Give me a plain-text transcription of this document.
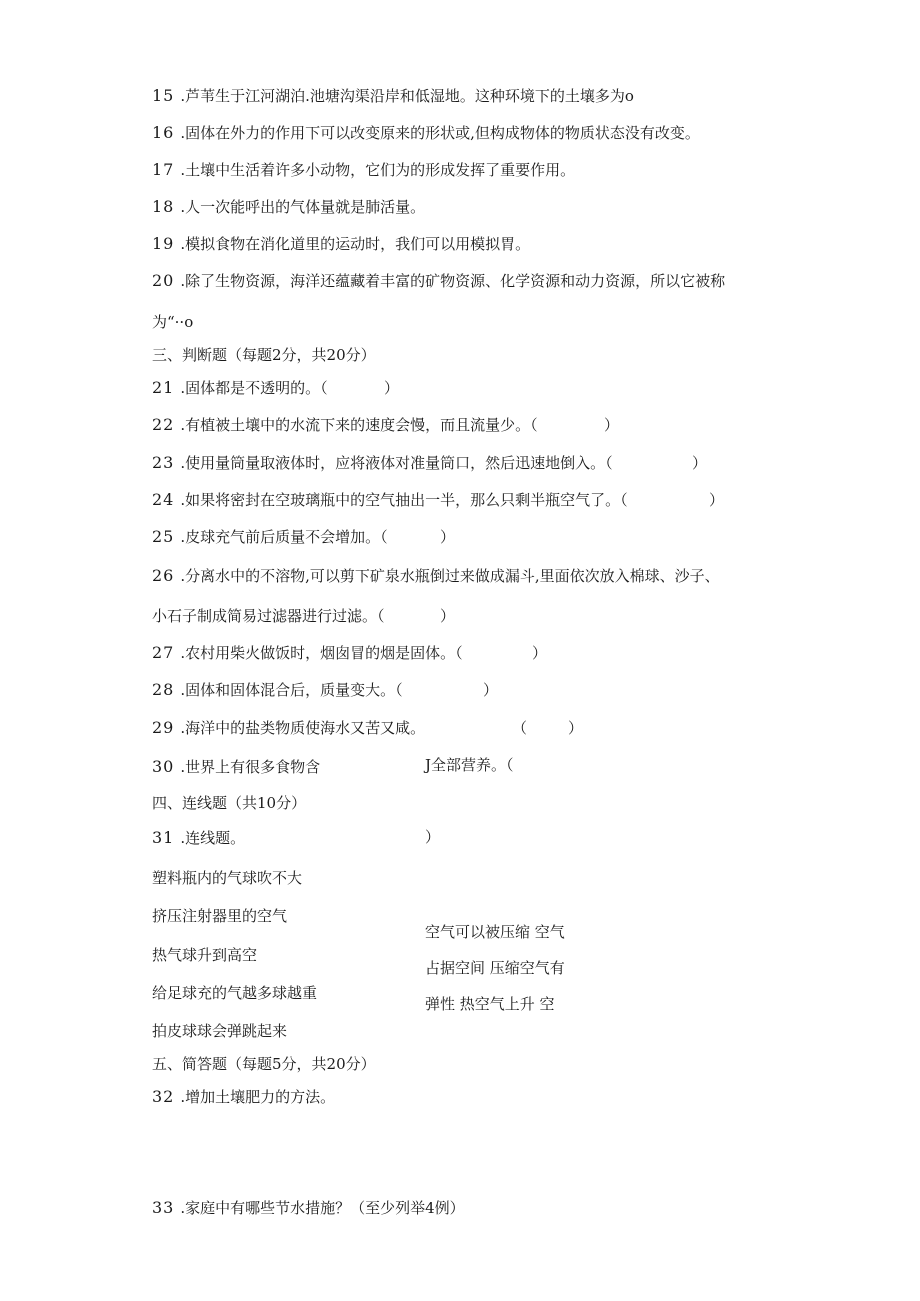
15 .芦苇生于江河湖泊.池塘沟渠沿岸和低湿地。这种环境下的土壤多为o
16 .固体在外力的作用下可以改变原来的形状或,但构成物体的物质状态没有改变。
17 .土壤中生活着许多小动物，它们为的形成发挥了重要作用。
18 .人一次能呼出的气体量就是肺活量。
19 .模拟食物在消化道里的运动时，我们可以用模拟胃。
20 .除了生物资源，海洋还蕴藏着丰富的矿物资源、化学资源和动力资源，所以它被称
为“··o
三、判断题（每题2分，共20分）
21 .固体都是不透明的。（	）
22 .有植被土壤中的水流下来的速度会慢，而且流量少。（	）
23 .使用量筒量取液体时，应将液体对准量筒口，然后迅速地倒入。（	）
24 .如果将密封在空玻璃瓶中的空气抽出一半，那么只剩半瓶空气了。（	）
25 .皮球充气前后质量不会增加。（	）
26 .分离水中的不溶物,可以剪下矿泉水瓶倒过来做成漏斗,里面依次放入棉球、沙子、
小石子制成简易过滤器进行过滤。（	）
27 .农村用柴火做饭时，烟囱冒的烟是固体。（	）
28 .固体和固体混合后，质量变大。（	）
29 .海洋中的盐类物质使海水又苦又咸。	（	）
30 .世界上有很多食物含	J全部营养。（
四、连线题（共10分）
31 .连线题。	）
塑料瓶内的气球吹不大
挤压注射器里的空气
热气球升到高空
给足球充的气越多球越重
拍皮球球会弹跳起来
空气可以被压缩 空气
占据空间 压缩空气有
弹性 热空气上升 空
五、简答题（每题5分，共20分）
32 .增加土壤肥力的方法。
33 .家庭中有哪些节水措施？（至少列举4例）
